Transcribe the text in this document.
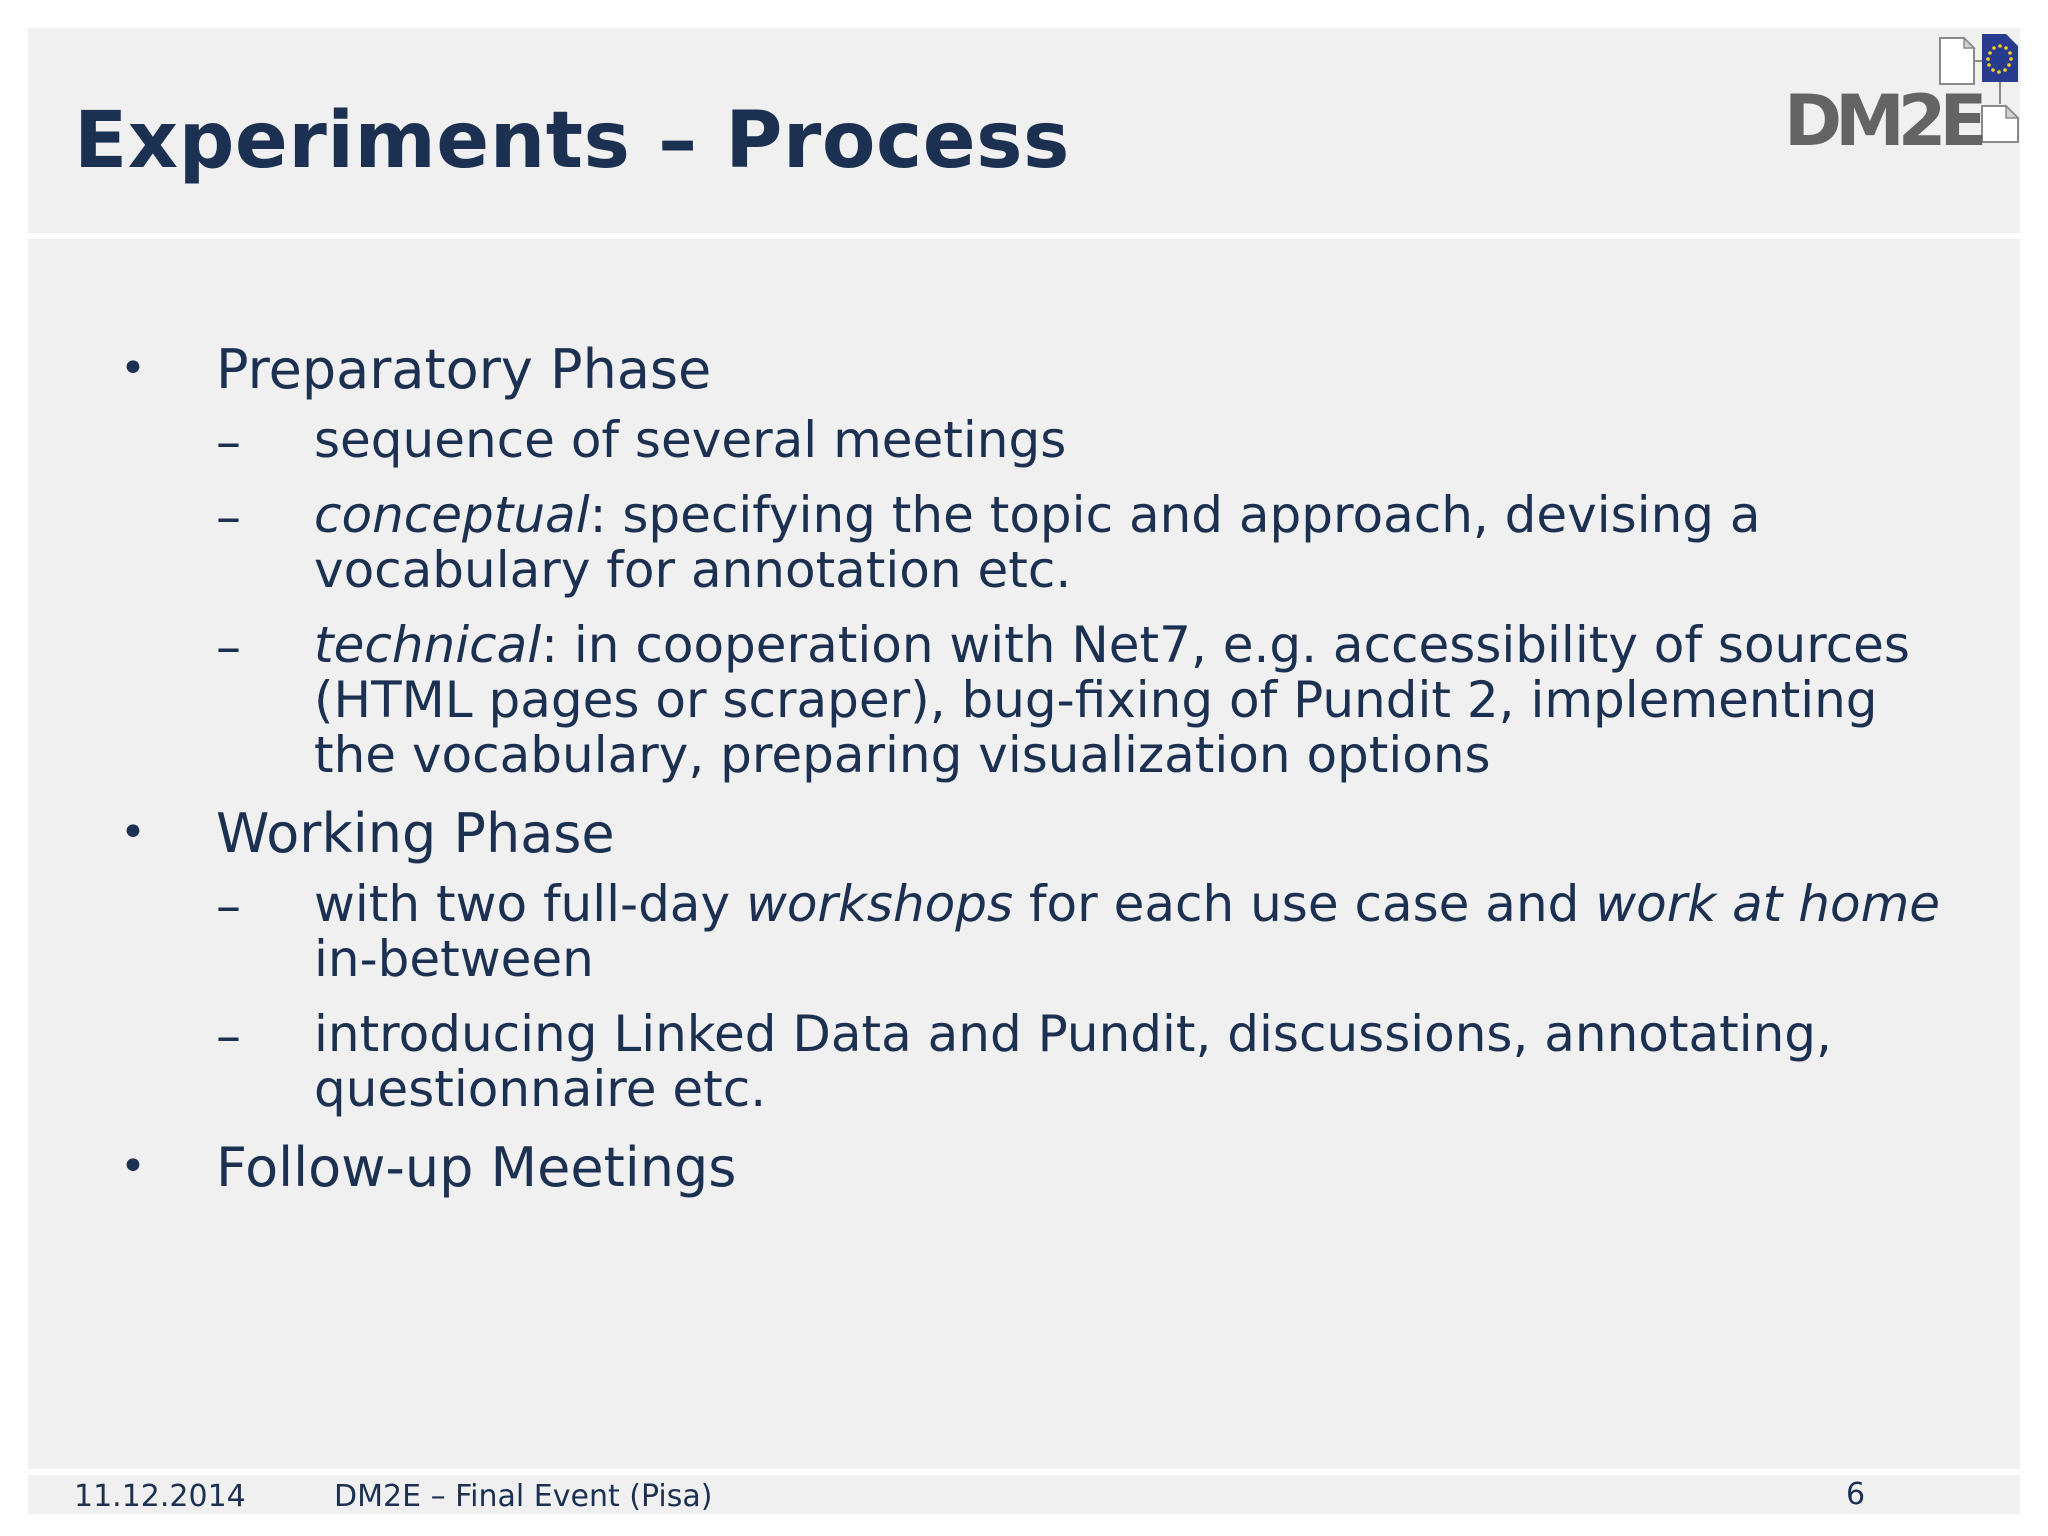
Experiments – Process	DM2E
• Preparatory Phase
– sequence of several meetings
– conceptual: specifying the topic and approach, devising a vocabulary for annotation etc.
– technical: in cooperation with Net7, e.g. accessibility of sources (HTML pages or scraper), bug-fixing of Pundit 2, implementing the vocabulary, preparing visualization options
• Working Phase
– with two full-day workshops for each use case and work at home in-between
– introducing Linked Data and Pundit, discussions, annotating, questionnaire etc.
• Follow-up Meetings
11.12.2014	DM2E – Final Event (Pisa)	6
